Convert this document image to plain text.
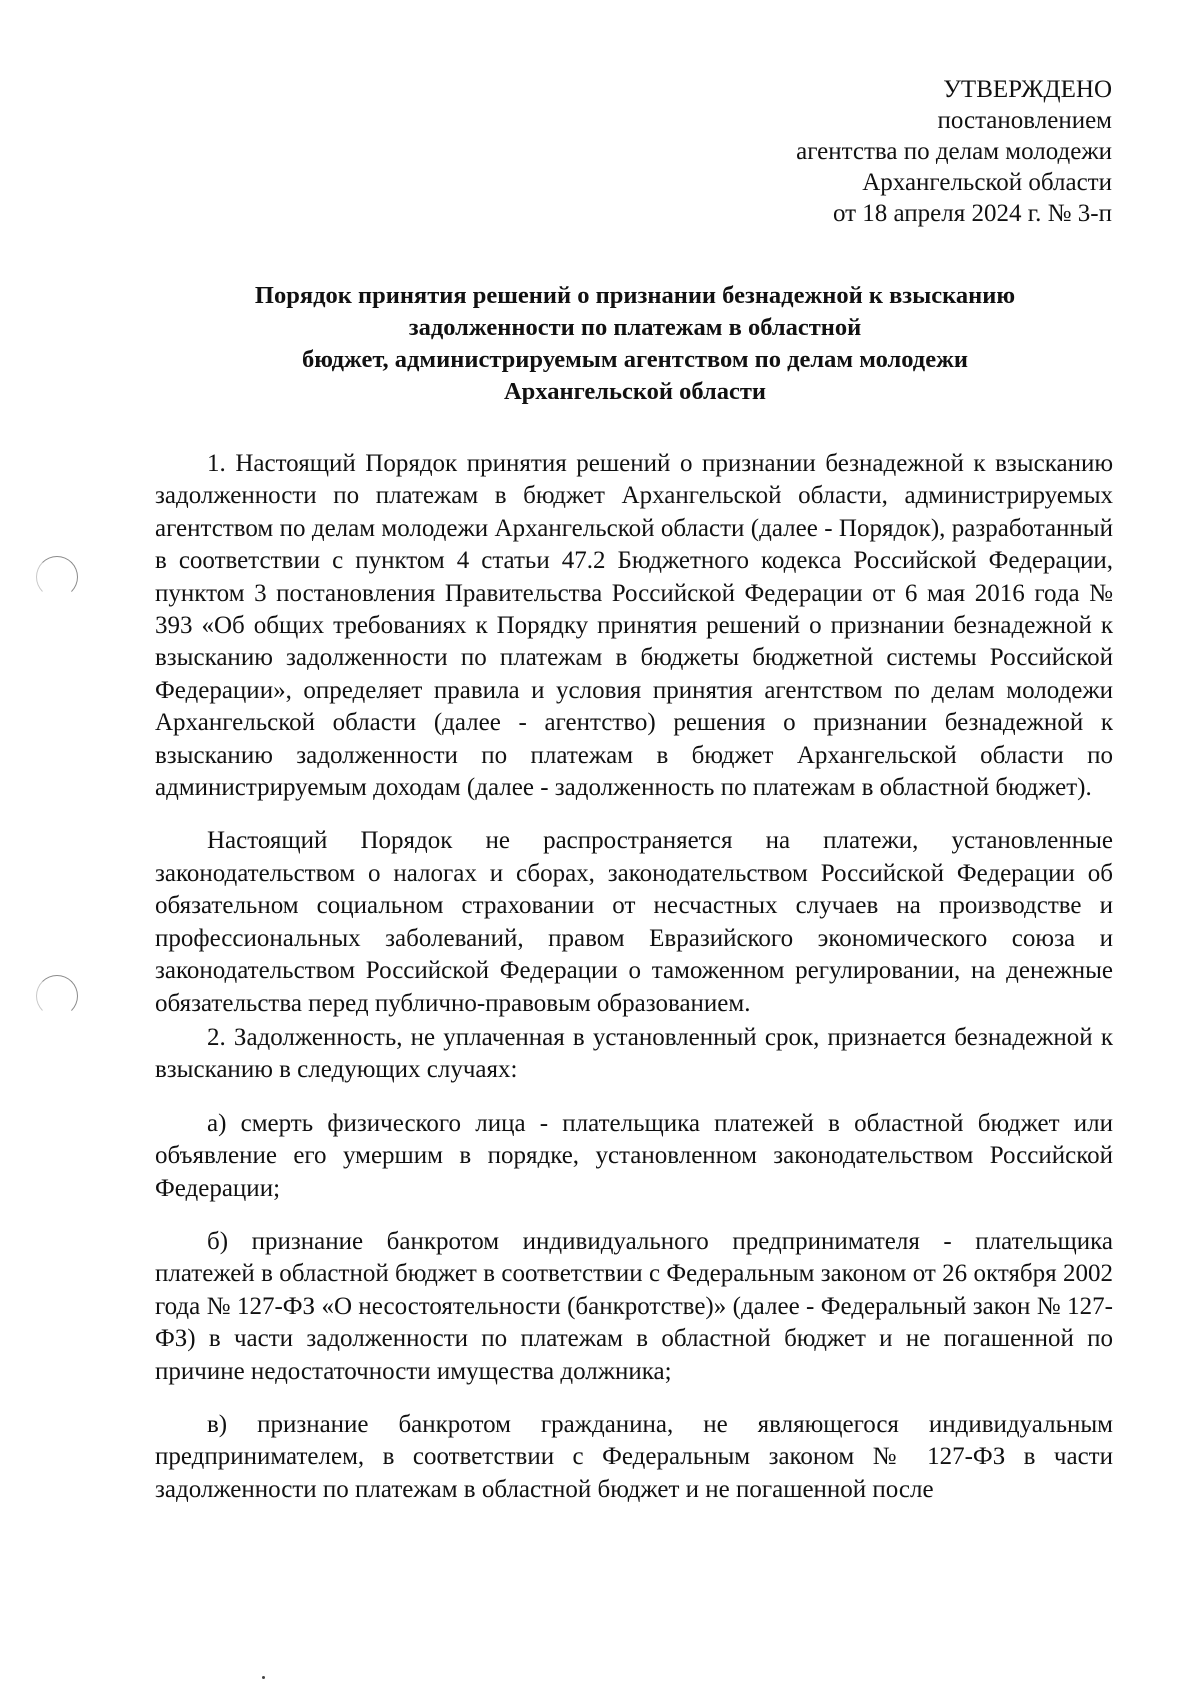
УТВЕРЖДЕНО
постановлением
агентства по делам молодежи
Архангельской области
от 18 апреля 2024 г. № 3-п
Порядок принятия решений о признании безнадежной к взысканию
задолженности по платежам в областной
бюджет, администрируемым агентством по делам молодежи
Архангельской области

1. Настоящий Порядок принятия решений о признании безнадежной к взысканию задолженности по платежам в бюджет Архангельской области, администрируемых агентством по делам молодежи Архангельской области (далее - Порядок), разработанный в соответствии с пунктом 4 статьи 47.2 Бюджетного кодекса Российской Федерации, пунктом 3 постановления Правительства Российской Федерации от 6 мая 2016 года № 393 «Об общих требованиях к Порядку принятия решений о признании безнадежной к взысканию задолженности по платежам в бюджеты бюджетной системы Российской Федерации», определяет правила и условия принятия агентством по делам молодежи Архангельской области (далее - агентство) решения о признании безнадежной к взысканию задолженности по платежам в бюджет Архангельской области по администрируемым доходам (далее - задолженность по платежам в областной бюджет).

Настоящий Порядок не распространяется на платежи, установленные законодательством о налогах и сборах, законодательством Российской Федерации об обязательном социальном страховании от несчастных случаев на производстве и профессиональных заболеваний, правом Евразийского экономического союза и законодательством Российской Федерации о таможенном регулировании, на денежные обязательства перед публично-правовым образованием.

2. Задолженность, не уплаченная в установленный срок, признается безнадежной к взысканию в следующих случаях:

а) смерть физического лица - плательщика платежей в областной бюджет или объявление его умершим в порядке, установленном законодательством Российской Федерации;

б) признание банкротом индивидуального предпринимателя - плательщика платежей в областной бюджет в соответствии с Федеральным законом от 26 октября 2002 года № 127-ФЗ «О несостоятельности (банкротстве)» (далее - Федеральный закон № 127-ФЗ) в части задолженности по платежам в областной бюджет и не погашенной по причине недостаточности имущества должника;

в) признание банкротом гражданина, не являющегося индивидуальным предпринимателем, в соответствии с Федеральным законом № 127-ФЗ в части задолженности по платежам в областной бюджет и не погашенной после
